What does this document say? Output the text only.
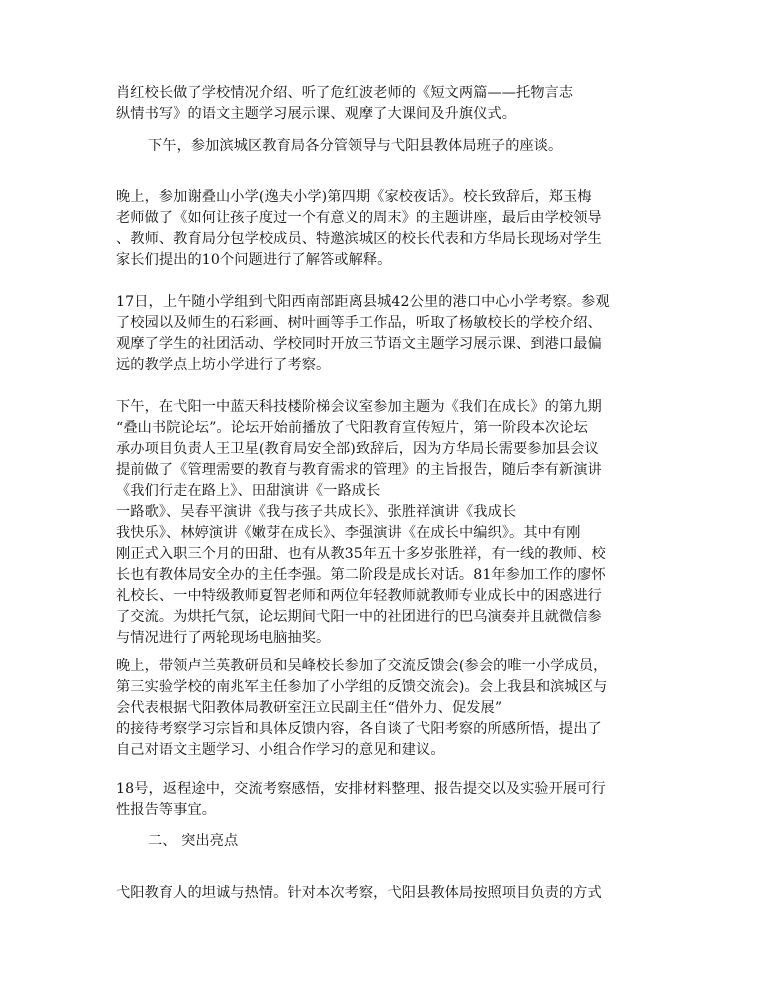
肖红校长做了学校情况介绍、听了危红波老师的《短文两篇——托物言志
纵情书写》的语文主题学习展示课、观摩了大课间及升旗仪式。
下午，参加滨城区教育局各分管领导与弋阳县教体局班子的座谈。
晚上，参加谢叠山小学(逸夫小学)第四期《家校夜话》。校长致辞后，郑玉梅
老师做了《如何让孩子度过一个有意义的周末》的主题讲座，最后由学校领导
、教师、教育局分包学校成员、特邀滨城区的校长代表和方华局长现场对学生
家长们提出的10个问题进行了解答或解释。
17日，上午随小学组到弋阳西南部距离县城42公里的港口中心小学考察。参观
了校园以及师生的石彩画、树叶画等手工作品，听取了杨敏校长的学校介绍、
观摩了学生的社团活动、学校同时开放三节语文主题学习展示课、到港口最偏
远的教学点上坊小学进行了考察。
下午，在弋阳一中蓝天科技楼阶梯会议室参加主题为《我们在成长》的第九期
“叠山书院论坛”。论坛开始前播放了弋阳教育宣传短片，第一阶段本次论坛
承办项目负责人王卫星(教育局安全部)致辞后，因为方华局长需要参加县会议
提前做了《管理需要的教育与教育需求的管理》的主旨报告，随后李有新演讲
《我们行走在路上》、田甜演讲《一路成长
一路歌》、吴春平演讲《我与孩子共成长》、张胜祥演讲《我成长
我快乐》、林婷演讲《嫩芽在成长》、李强演讲《在成长中编织》。其中有刚
刚正式入职三个月的田甜、也有从教35年五十多岁张胜祥，有一线的教师、校
长也有教体局安全办的主任李强。第二阶段是成长对话。81年参加工作的廖怀
礼校长、一中特级教师夏智老师和两位年轻教师就教师专业成长中的困惑进行
了交流。为烘托气氛，论坛期间弋阳一中的社团进行的巴乌演奏并且就微信参
与情况进行了两轮现场电脑抽奖。
晚上，带领卢兰英教研员和吴峰校长参加了交流反馈会(参会的唯一小学成员，
第三实验学校的南兆军主任参加了小学组的反馈交流会)。会上我县和滨城区与
会代表根据弋阳教体局教研室汪立民副主任“借外力、促发展”
的接待考察学习宗旨和具体反馈内容，各自谈了弋阳考察的所感所悟，提出了
自己对语文主题学习、小组合作学习的意见和建议。
18号，返程途中，交流考察感悟，安排材料整理、报告提交以及实验开展可行
性报告等事宜。
二、 突出亮点
弋阳教育人的坦诚与热情。针对本次考察，弋阳县教体局按照项目负责的方式
